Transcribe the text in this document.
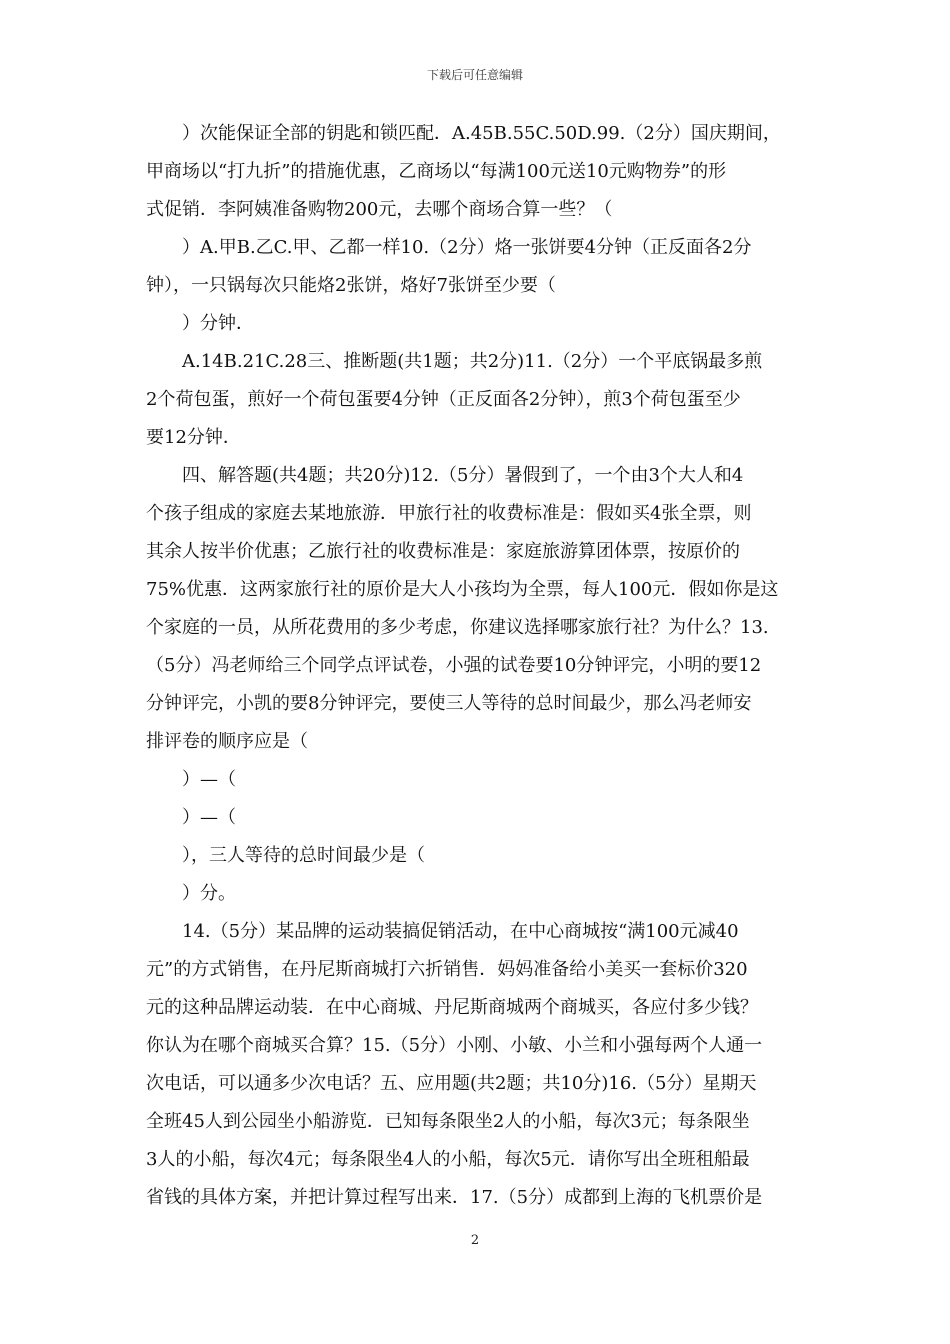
下载后可任意编辑
　　）次能保证全部的钥匙和锁匹配．A.45B.55C.50D.99.（2分）国庆期间，
甲商场以“打九折”的措施优惠，乙商场以“每满100元送10元购物券”的形
式促销．李阿姨准备购物200元，去哪个商场合算一些？（
　　）A.甲B.乙C.甲、乙都一样10.（2分）烙一张饼要4分钟（正反面各2分
钟），一只锅每次只能烙2张饼，烙好7张饼至少要（
　　）分钟．
　　A.14B.21C.28三、推断题(共1题；共2分)11.（2分）一个平底锅最多煎
2个荷包蛋，煎好一个荷包蛋要4分钟（正反面各2分钟），煎3个荷包蛋至少
要12分钟．
　　四、解答题(共4题；共20分)12.（5分）暑假到了，一个由3个大人和4
个孩子组成的家庭去某地旅游．甲旅行社的收费标准是：假如买4张全票，则
其余人按半价优惠；乙旅行社的收费标准是：家庭旅游算团体票，按原价的
75%优惠．这两家旅行社的原价是大人小孩均为全票，每人100元．假如你是这
个家庭的一员，从所花费用的多少考虑，你建议选择哪家旅行社？为什么？13.
（5分）冯老师给三个同学点评试卷，小强的试卷要10分钟评完，小明的要12
分钟评完，小凯的要8分钟评完，要使三人等待的总时间最少，那么冯老师安
排评卷的顺序应是（
　　）—（
　　）—（
　　），三人等待的总时间最少是（
　　）分。
　　14.（5分）某品牌的运动装搞促销活动，在中心商城按“满100元减40
元”的方式销售，在丹尼斯商城打六折销售．妈妈准备给小美买一套标价320
元的这种品牌运动装．在中心商城、丹尼斯商城两个商城买，各应付多少钱？
你认为在哪个商城买合算？15.（5分）小刚、小敏、小兰和小强每两个人通一
次电话，可以通多少次电话？五、应用题(共2题；共10分)16.（5分）星期天
全班45人到公园坐小船游览．已知每条限坐2人的小船，每次3元；每条限坐
3人的小船，每次4元；每条限坐4人的小船，每次5元．请你写出全班租船最
省钱的具体方案，并把计算过程写出来．17.（5分）成都到上海的飞机票价是
2
